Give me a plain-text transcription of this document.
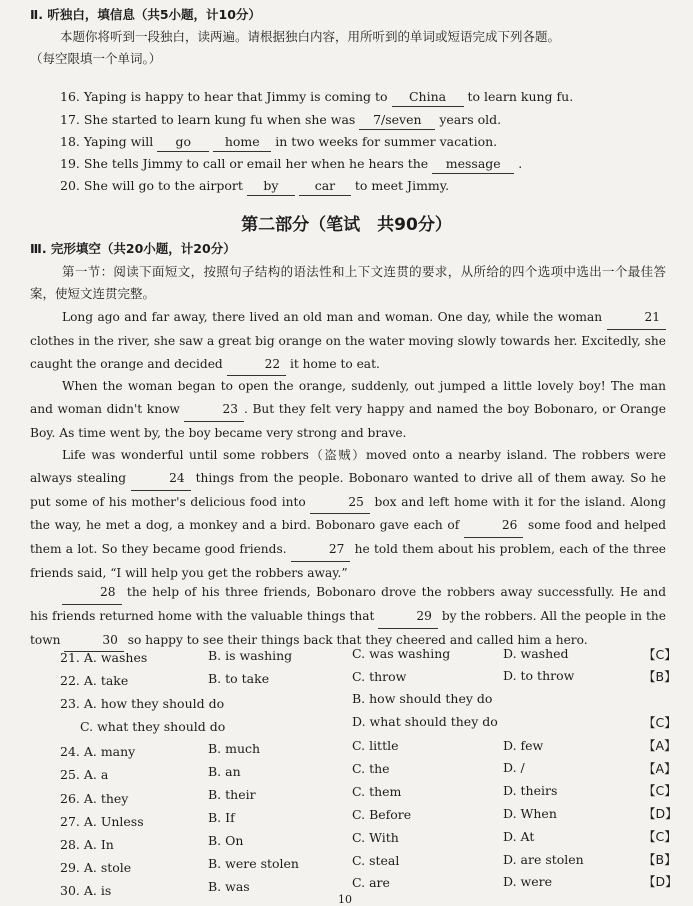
Ⅱ. 听独白，填信息（共5小题，计10分）
本题你将听到一段独白，读两遍。请根据独白内容，用所听到的单词或短语完成下列各题。
（每空限填一个单词。）
16. Yaping is happy to hear that Jimmy is coming to China to learn kung fu.
17. She started to learn kung fu when she was 7/seven years old.
18. Yaping will go	home in two weeks for summer vacation.
19. She tells Jimmy to call or email her when he hears the message .
20. She will go to the airport by	car to meet Jimmy.
第二部分（笔试　共90分）
Ⅲ. 完形填空（共20小题，计20分）
第一节：阅读下面短文，按照句子结构的语法性和上下文连贯的要求，从所给的四个选项中选出一个最佳答案，使短文连贯完整。
Long ago and far away, there lived an old man and woman. One day, while the woman	21 clothes in the river, she saw a great big orange on the water moving slowly towards her. Excitedly, she caught the orange and decided	22 it home to eat.
When the woman began to open the orange, suddenly, out jumped a little lovely boy! The man and woman didn't know	23 . But they felt very happy and named the boy Bobonaro, or Orange Boy. As time went by, the boy became very strong and brave.
Life was wonderful until some robbers（盗贼）moved onto a nearby island. The robbers were always stealing	24 things from the people. Bobonaro wanted to drive all of them away. So he put some of his mother's delicious food into	25 box and left home with it for the island. Along the way, he met a dog, a monkey and a bird. Bobonaro gave each of	26 some food and helped them a lot. So they became good friends.	27 he told them about his problem, each of the three friends said, “I will help you get the robbers away.”
28 the help of his three friends, Bobonaro drove the robbers away successfully. He and his friends returned home with the valuable things that	29 by the robbers. All the people in the town	30 so happy to see their things back that they cheered and called him a hero.
21. A. washes	B. is washing	C. was washing	D. washed	【C】
22. A. take	B. to take	C. throw	D. to throw	【B】
23. A. how they should do	B. how should they do
C. what they should do	D. what should they do	【C】
24. A. many	B. much	C. little	D. few	【A】
25. A. a	B. an	C. the	D. /	【A】
26. A. they	B. their	C. them	D. theirs	【C】
27. A. Unless	B. If	C. Before	D. When	【D】
28. A. In	B. On	C. With	D. At	【C】
29. A. stole	B. were stolen	C. steal	D. are stolen	【B】
30. A. is	B. was	C. are	D. were	【D】
10
